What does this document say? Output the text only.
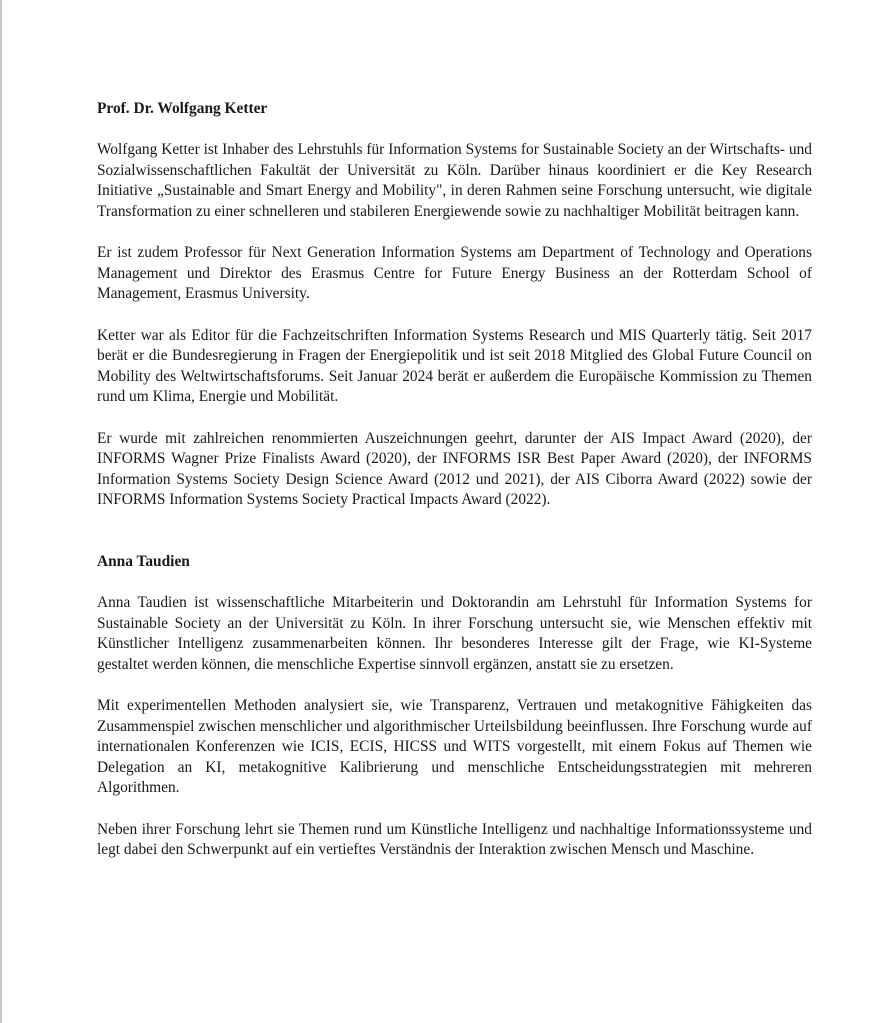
Prof. Dr. Wolfgang Ketter

Wolfgang Ketter ist Inhaber des Lehrstuhls für Information Systems for Sustainable Society an der Wirtschafts- und Sozialwissenschaftlichen Fakultät der Universität zu Köln. Darüber hinaus koordiniert er die Key Research Initiative „Sustainable and Smart Energy and Mobility", in deren Rahmen seine Forschung untersucht, wie digitale Transformation zu einer schnelleren und stabileren Energiewende sowie zu nachhaltiger Mobilität beitragen kann.

Er ist zudem Professor für Next Generation Information Systems am Department of Technology and Operations Management und Direktor des Erasmus Centre for Future Energy Business an der Rotterdam School of Management, Erasmus University.

Ketter war als Editor für die Fachzeitschriften Information Systems Research und MIS Quarterly tätig. Seit 2017 berät er die Bundesregierung in Fragen der Energiepolitik und ist seit 2018 Mitglied des Global Future Council on Mobility des Weltwirtschaftsforums. Seit Januar 2024 berät er außerdem die Europäische Kommission zu Themen rund um Klima, Energie und Mobilität.

Er wurde mit zahlreichen renommierten Auszeichnungen geehrt, darunter der AIS Impact Award (2020), der INFORMS Wagner Prize Finalists Award (2020), der INFORMS ISR Best Paper Award (2020), der INFORMS Information Systems Society Design Science Award (2012 und 2021), der AIS Ciborra Award (2022) sowie der INFORMS Information Systems Society Practical Impacts Award (2022).

Anna Taudien

Anna Taudien ist wissenschaftliche Mitarbeiterin und Doktorandin am Lehrstuhl für Information Systems for Sustainable Society an der Universität zu Köln. In ihrer Forschung untersucht sie, wie Menschen effektiv mit Künstlicher Intelligenz zusammenarbeiten können. Ihr besonderes Interesse gilt der Frage, wie KI-Systeme gestaltet werden können, die menschliche Expertise sinnvoll ergänzen, anstatt sie zu ersetzen.

Mit experimentellen Methoden analysiert sie, wie Transparenz, Vertrauen und metakognitive Fähigkeiten das Zusammenspiel zwischen menschlicher und algorithmischer Urteilsbildung beeinflussen. Ihre Forschung wurde auf internationalen Konferenzen wie ICIS, ECIS, HICSS und WITS vorgestellt, mit einem Fokus auf Themen wie Delegation an KI, metakognitive Kalibrierung und menschliche Entscheidungsstrategien mit mehreren Algorithmen.

Neben ihrer Forschung lehrt sie Themen rund um Künstliche Intelligenz und nachhaltige Informationssysteme und legt dabei den Schwerpunkt auf ein vertieftes Verständnis der Interaktion zwischen Mensch und Maschine.
